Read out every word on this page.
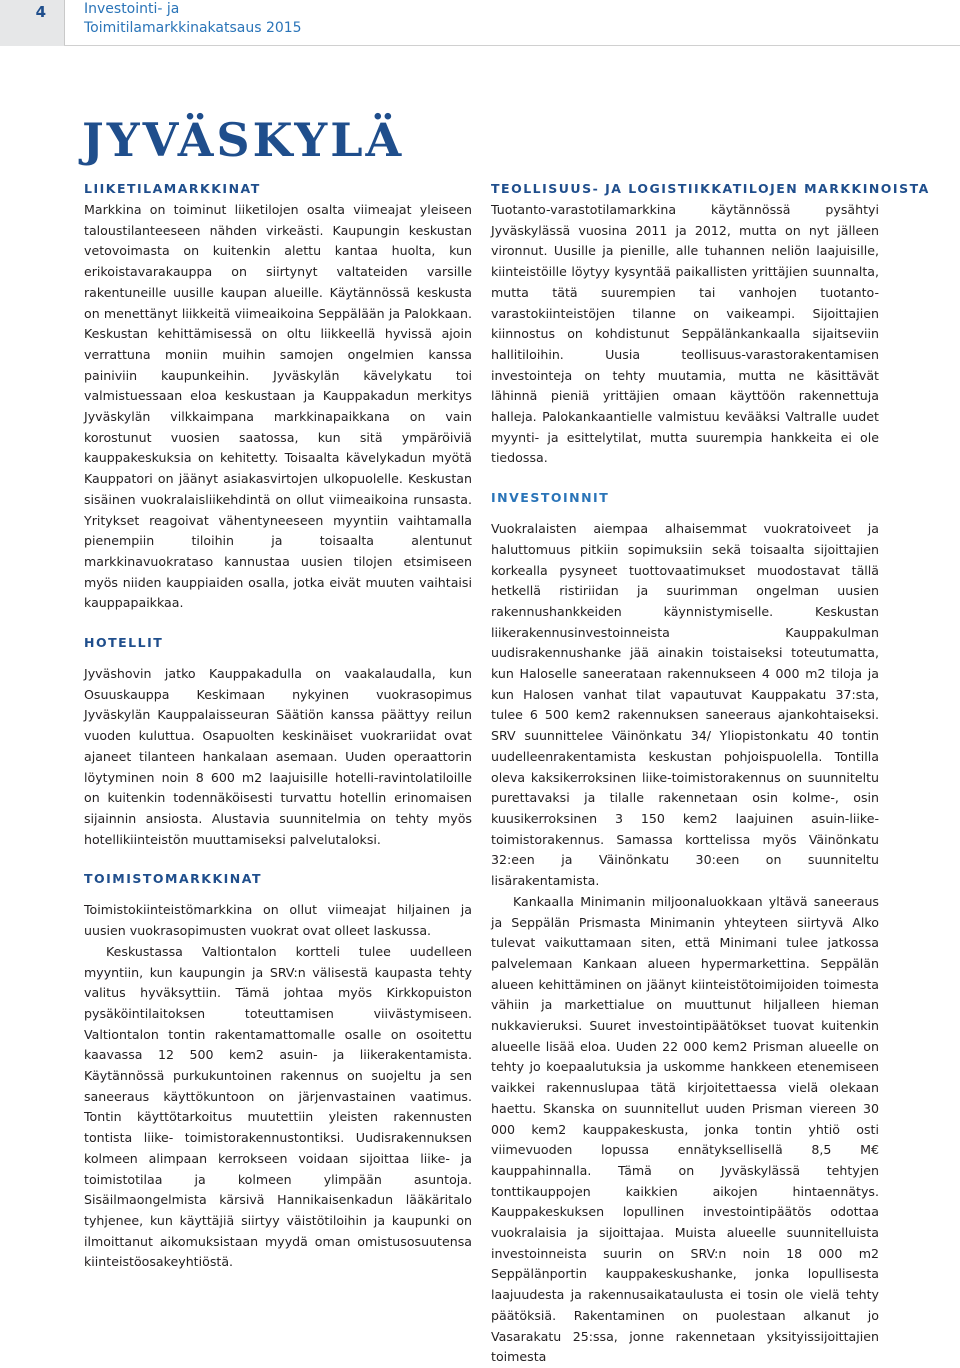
4	Investointi- ja
Toimitilamarkkinakatsaus 2015
JYVÄSKYLÄ
LIIKETILAMARKKINAT

Markkina on toiminut liiketilojen osalta viimeajat yleiseen taloustilanteeseen nähden virkeästi. Kaupungin keskustan vetovoimasta on kuitenkin alettu kantaa huolta, kun erikoistavarakauppa on siirtynyt valtateiden varsille rakentuneille uusille kaupan alueille. Käytännössä keskusta on menettänyt liikkeitä viimeaikoina Seppälään ja Palokkaan. Keskustan kehittämisessä on oltu liikkeellä hyvissä ajoin verrattuna moniin muihin samojen ongelmien kanssa painiviin kaupunkeihin. Jyväskylän kävelykatu toi valmistuessaan eloa keskustaan ja Kauppakadun merkitys Jyväskylän vilkkaimpana markkinapaikkana on vain korostunut vuosien saatossa, kun sitä ympäröiviä kauppakeskuksia on kehitetty. Toisaalta kävelykadun myötä Kauppatori on jäänyt asiakasvirtojen ulkopuolelle. Keskustan sisäinen vuokralaisliikehdintä on ollut viimeaikoina runsasta. Yritykset reagoivat vähentyneeseen myyntiin vaihtamalla pienempiin tiloihin ja toisaalta alentunut markkinavuokrataso kannustaa uusien tilojen etsimiseen myös niiden kauppiaiden osalla, jotka eivät muuten vaihtaisi kauppapaikkaa.

HOTELLIT

Jyväshovin jatko Kauppakadulla on vaakalaudalla, kun Osuuskauppa Keskimaan nykyinen vuokrasopimus Jyväskylän Kauppalaisseuran Säätiön kanssa päättyy reilun vuoden kuluttua. Osapuolten keskinäiset vuokrariidat ovat ajaneet tilanteen hankalaan asemaan. Uuden operaattorin löytyminen noin 8 600 m2 laajuisille hotelli-ravintolatiloille on kuitenkin todennäköisesti turvattu hotellin erinomaisen sijainnin ansiosta. Alustavia suunnitelmia on tehty myös hotellikiinteistön muuttamiseksi palvelutaloksi.

TOIMISTOMARKKINAT

Toimistokiinteistömarkkina on ollut viimeajat hiljainen ja uusien vuokrasopimusten vuokrat ovat olleet laskussa.

Keskustassa Valtiontalon kortteli tulee uudelleen myyntiin, kun kaupungin ja SRV:n välisestä kaupasta tehty valitus hyväksyttiin. Tämä johtaa myös Kirkkopuiston pysäköintilaitoksen toteuttamisen viivästymiseen. Valtiontalon tontin rakentamattomalle osalle on osoitettu kaavassa 12 500 kem2 asuin- ja liikerakentamista. Käytännössä purkukuntoinen rakennus on suojeltu ja sen saneeraus käyttökuntoon on järjenvastainen vaatimus. Tontin käyttötarkoitus muutettiin yleisten rakennusten tontista liike- toimistorakennustontiksi. Uudisrakennuksen kolmeen alimpaan kerrokseen voidaan sijoittaa liike- ja toimistotilaa ja kolmeen ylimpään asuntoja. Sisäilmaongelmista kärsivä Hannikaisenkadun lääkäritalo tyhjenee, kun käyttäjiä siirtyy väistötiloihin ja kaupunki on ilmoittanut aikomuksistaan myydä oman omistusosuutensa kiinteistöosakeyhtiöstä.

TEOLLISUUS- JA LOGISTIIKKATILOJEN MARKKINOISTA

Tuotanto-varastotilamarkkina käytännössä pysähtyi Jyväskylässä vuosina 2011 ja 2012, mutta on nyt jälleen vironnut. Uusille ja pienille, alle tuhannen neliön laajuisille, kiinteistöille löytyy kysyntää paikallisten yrittäjien suunnalta, mutta tätä suurempien tai vanhojen tuotanto-varastokiinteistöjen tilanne on vaikeampi. Sijoittajien kiinnostus on kohdistunut Seppälänkankaalla sijaitseviin hallitiloihin. Uusia teollisuus-varastorakentamisen investointeja on tehty muutamia, mutta ne käsittävät lähinnä pieniä yrittäjien omaan käyttöön rakennettuja halleja. Palokankaantielle valmistuu kevääksi Valtralle uudet myynti- ja esittelytilat, mutta suurempia hankkeita ei ole tiedossa.

INVESTOINNIT

Vuokralaisten aiempaa alhaisemmat vuokratoiveet ja haluttomuus pitkiin sopimuksiin sekä toisaalta sijoittajien korkealla pysyneet tuottovaatimukset muodostavat tällä hetkellä ristiriidan ja suurimman ongelman uusien rakennushankkeiden käynnistymiselle. Keskustan liikerakennusinvestoinneista Kauppakulman uudisrakennushanke jää ainakin toistaiseksi toteutumatta, kun Haloselle saneerataan rakennukseen 4 000 m2 tiloja ja kun Halosen vanhat tilat vapautuvat Kauppakatu 37:sta, tulee 6 500 kem2 rakennuksen saneeraus ajankohtaiseksi. SRV suunnittelee Väinönkatu 34/ Yliopistonkatu 40 tontin uudelleenrakentamista keskustan pohjoispuolella. Tontilla oleva kaksikerroksinen liike-toimistorakennus on suunniteltu purettavaksi ja tilalle rakennetaan osin kolme-, osin kuusikerroksinen 3 150 kem2 laajuinen asuin-liike-toimistorakennus. Samassa korttelissa myös Väinönkatu 32:een ja Väinönkatu 30:een on suunniteltu lisärakentamista.

Kankaalla Minimanin miljoonaluokkaan yltävä saneeraus ja Seppälän Prismasta Minimanin yhteyteen siirtyvä Alko tulevat vaikuttamaan siten, että Minimani tulee jatkossa palvelemaan Kankaan alueen hypermarkettina. Seppälän alueen kehittäminen on jäänyt kiinteistötoimijoiden toimesta vähiin ja markettialue on muuttunut hiljalleen hieman nukkavieruksi. Suuret investointipäätökset tuovat kuitenkin alueelle lisää eloa. Uuden 22 000 kem2 Prisman alueelle on tehty jo koepaalutuksia ja uskomme hankkeen etenemiseen vaikkei rakennuslupaa tätä kirjoitettaessa vielä olekaan haettu. Skanska on suunnitellut uuden Prisman viereen 30 000 kem2 kauppakeskusta, jonka tontin yhtiö osti viimevuoden lopussa ennätyksellisellä 8,5 M€ kauppahinnalla. Tämä on Jyväskylässä tehtyjen tonttikauppojen kaikkien aikojen hintaennätys. Kauppakeskuksen lopullinen investointipäätös odottaa vuokralaisia ja sijoittajaa. Muista alueelle suunnitelluista investoinneista suurin on SRV:n noin 18 000 m2 Seppälänportin kauppakeskushanke, jonka lopullisesta laajuudesta ja rakennusaikataulusta ei tosin ole vielä tehty päätöksiä. Rakentaminen on puolestaan alkanut jo Vasarakatu 25:ssa, jonne rakennetaan yksityissijoittajien toimesta
